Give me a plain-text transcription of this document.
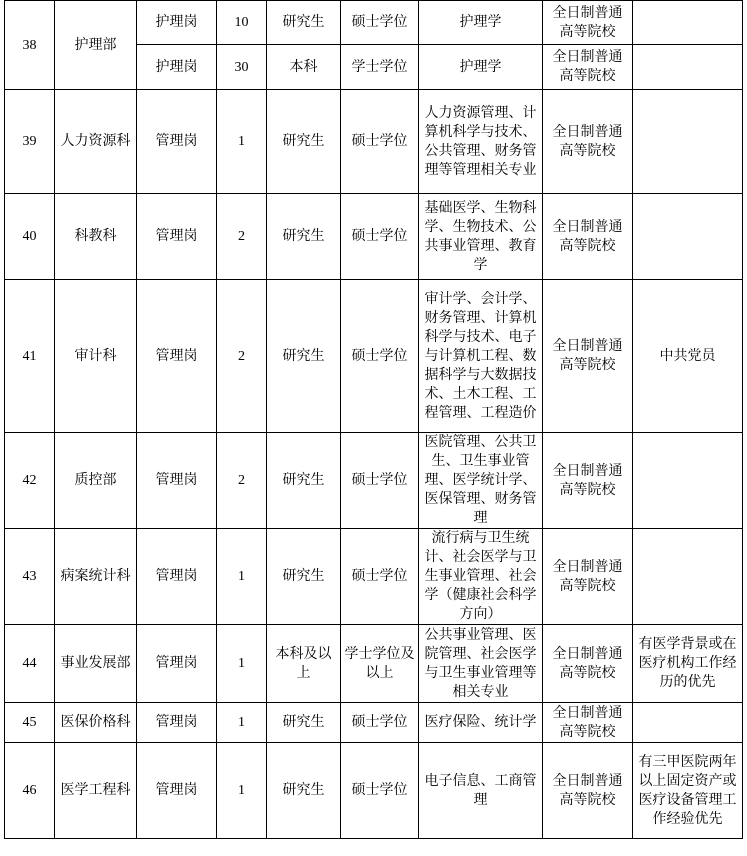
38	护理部	护理岗	10	研究生	硕士学位	护理学	全日制普通高等院校	
		护理岗	30	本科	学士学位	护理学	全日制普通高等院校	
39	人力资源科	管理岗	1	研究生	硕士学位	人力资源管理、计算机科学与技术、公共管理、财务管理等管理相关专业	全日制普通高等院校	
40	科教科	管理岗	2	研究生	硕士学位	基础医学、生物科学、生物技术、公共事业管理、教育学	全日制普通高等院校	
41	审计科	管理岗	2	研究生	硕士学位	审计学、会计学、财务管理、计算机科学与技术、电子与计算机工程、数据科学与大数据技术、土木工程、工程管理、工程造价	全日制普通高等院校	中共党员
42	质控部	管理岗	2	研究生	硕士学位	医院管理、公共卫生、卫生事业管理、医学统计学、医保管理、财务管理	全日制普通高等院校	
43	病案统计科	管理岗	1	研究生	硕士学位	流行病与卫生统计、社会医学与卫生事业管理、社会学（健康社会科学方向）	全日制普通高等院校	
44	事业发展部	管理岗	1	本科及以上	学士学位及以上	公共事业管理、医院管理、社会医学与卫生事业管理等相关专业	全日制普通高等院校	有医学背景或在医疗机构工作经历的优先
45	医保价格科	管理岗	1	研究生	硕士学位	医疗保险、统计学	全日制普通高等院校	
46	医学工程科	管理岗	1	研究生	硕士学位	电子信息、工商管理	全日制普通高等院校	有三甲医院两年以上固定资产或医疗设备管理工作经验优先
